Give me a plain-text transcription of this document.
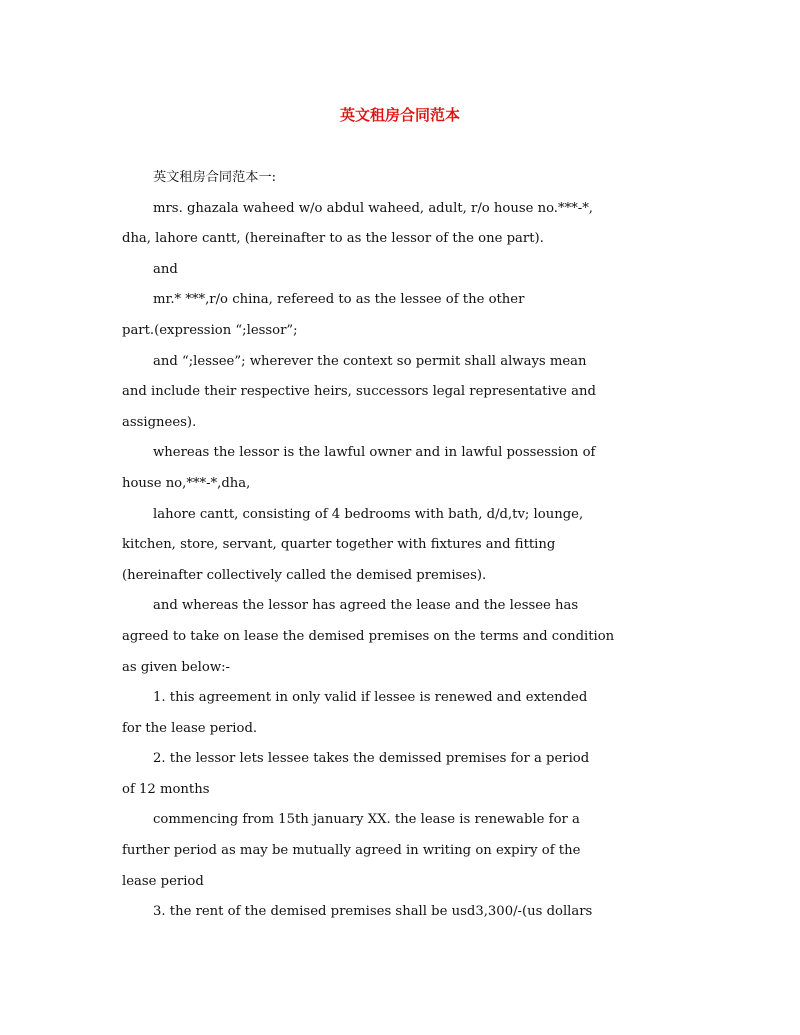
英文租房合同范本
英文租房合同范本一:
mrs. ghazala waheed w/o abdul waheed, adult, r/o house no.***-*,
dha, lahore cantt, (hereinafter to as the lessor of the one part).
and
mr.* ***,r/o china, refereed to as the lessee of the other
part.(expression “;lessor”;
and “;lessee”; wherever the context so permit shall always mean
and include their respective heirs, successors legal representative and
assignees).
whereas the lessor is the lawful owner and in lawful possession of
house no,***-*,dha,
lahore cantt, consisting of 4 bedrooms with bath, d/d,tv; lounge,
kitchen, store, servant, quarter together with fixtures and fitting
(hereinafter collectively called the demised premises).
and whereas the lessor has agreed the lease and the lessee has
agreed to take on lease the demised premises on the terms and condition
as given below:-
1. this agreement in only valid if lessee is renewed and extended
for the lease period.
2. the lessor lets lessee takes the demissed premises for a period
of 12 months
commencing from 15th january XX. the lease is renewable for a
further period as may be mutually agreed in writing on expiry of the
lease period
3. the rent of the demised premises shall be usd3,300/-(us dollars
